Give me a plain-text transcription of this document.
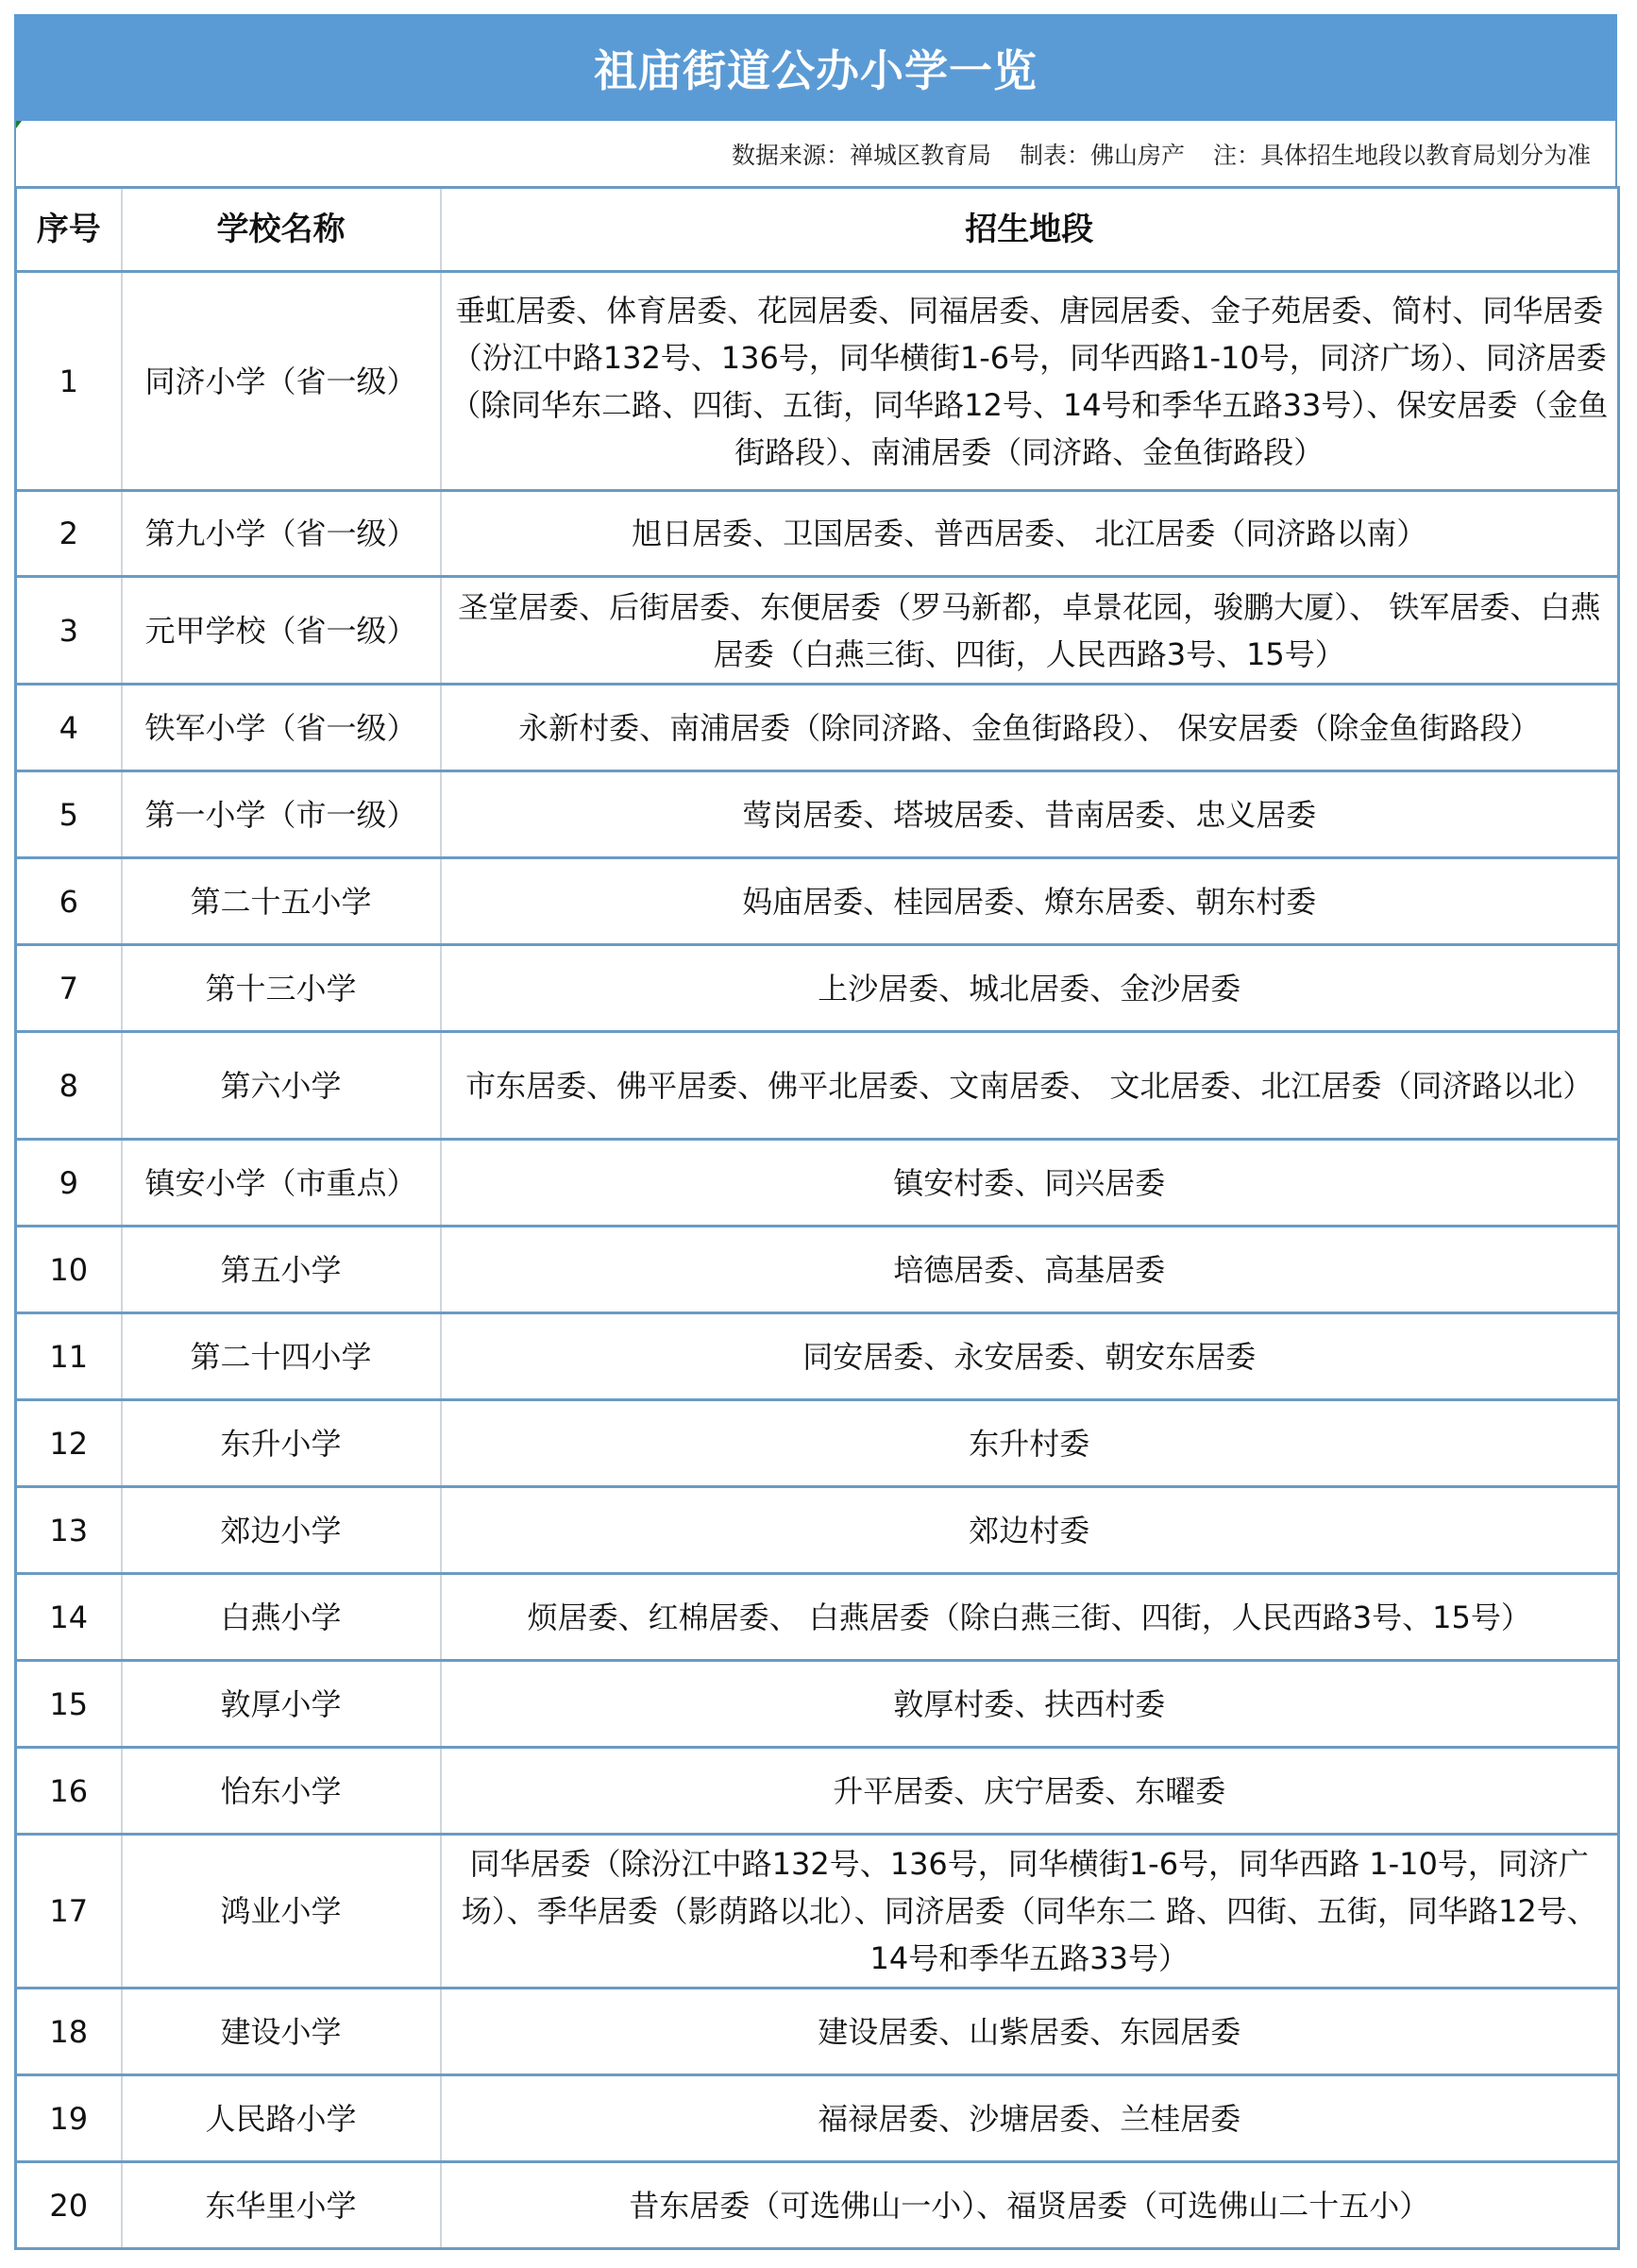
祖庙街道公办小学一览
数据来源：禅城区教育局 制表：佛山房产 注：具体招生地段以教育局划分为准
序号	学校名称	招生地段
1	同济小学（省一级）	垂虹居委、体育居委、花园居委、同福居委、唐园居委、金子苑居委、简村、同华居委（汾江中路132号、136号，同华横街1-6号，同华西路1-10号，同济广场）、同济居委（除同华东二路、四街、五街，同华路12号、14号和季华五路33号）、保安居委（金鱼街路段）、南浦居委（同济路、金鱼街路段）
2	第九小学（省一级）	旭日居委、卫国居委、普西居委、 北江居委（同济路以南）
3	元甲学校（省一级）	圣堂居委、后街居委、东便居委（罗马新都，卓景花园，骏鹏大厦）、 铁军居委、白燕居委（白燕三街、四街，人民西路3号、15号）
4	铁军小学（省一级）	永新村委、南浦居委（除同济路、金鱼街路段）、 保安居委（除金鱼街路段）
5	第一小学（市一级）	莺岗居委、塔坡居委、昔南居委、忠义居委
6	第二十五小学	妈庙居委、桂园居委、燎东居委、朝东村委
7	第十三小学	上沙居委、城北居委、金沙居委
8	第六小学	市东居委、佛平居委、佛平北居委、文南居委、 文北居委、北江居委（同济路以北）
9	镇安小学（市重点）	镇安村委、同兴居委
10	第五小学	培德居委、高基居委
11	第二十四小学	同安居委、永安居委、朝安东居委
12	东升小学	东升村委
13	郊边小学	郊边村委
14	白燕小学	烦居委、红棉居委、 白燕居委（除白燕三街、四街，人民西路3号、15号）
15	敦厚小学	敦厚村委、扶西村委
16	怡东小学	升平居委、庆宁居委、东曜委
17	鸿业小学	同华居委（除汾江中路132号、136号，同华横街1-6号，同华西路 1-10号，同济广场）、季华居委（影荫路以北）、同济居委（同华东二 路、四街、五街，同华路12号、14号和季华五路33号）
18	建设小学	建设居委、山紫居委、东园居委
19	人民路小学	福禄居委、沙塘居委、兰桂居委
20	东华里小学	昔东居委（可选佛山一小）、福贤居委（可选佛山二十五小）
